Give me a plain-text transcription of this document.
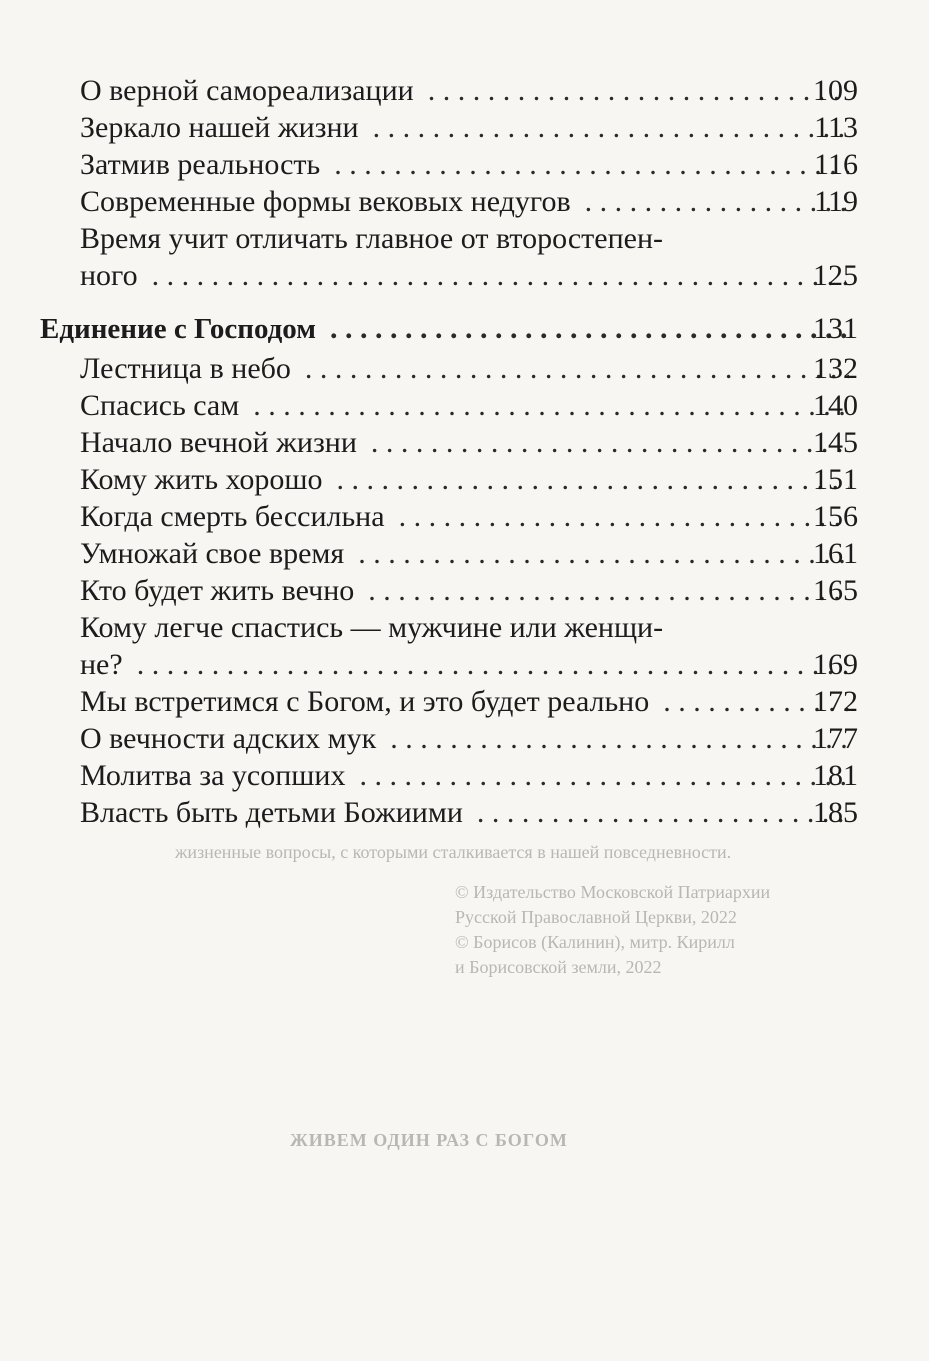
жизненные вопросы, с которыми сталкивается в нашей повседневности.
© Издательство Московской Патриархии
Русской Православной Церкви, 2022
© Борисов (Калинин), митр. Кирилл
и Борисовской земли, 2022
ЖИВЕМ ОДИН РАЗ С БОГОМ
О верной самореализации . . .	109
Зеркало нашей жизни . . .	113
Затмив реальность . . .	116
Современные формы вековых недугов . . .	119
Время учит отличать главное от второстепен-
ного . . .	125
Единение с Господом . . .	131
Лестница в небо . . .	132
Спасись сам . . .	140
Начало вечной жизни . . .	145
Кому жить хорошо . . .	151
Когда смерть бессильна . . .	156
Умножай свое время . . .	161
Кто будет жить вечно . . .	165
Кому легче спастись — мужчине или женщи-
не? . . .	169
Мы встретимся с Богом, и это будет реально . . .	172
О вечности адских мук . . .	177
Молитва за усопших . . .	181
Власть быть детьми Божиими . . .	185
